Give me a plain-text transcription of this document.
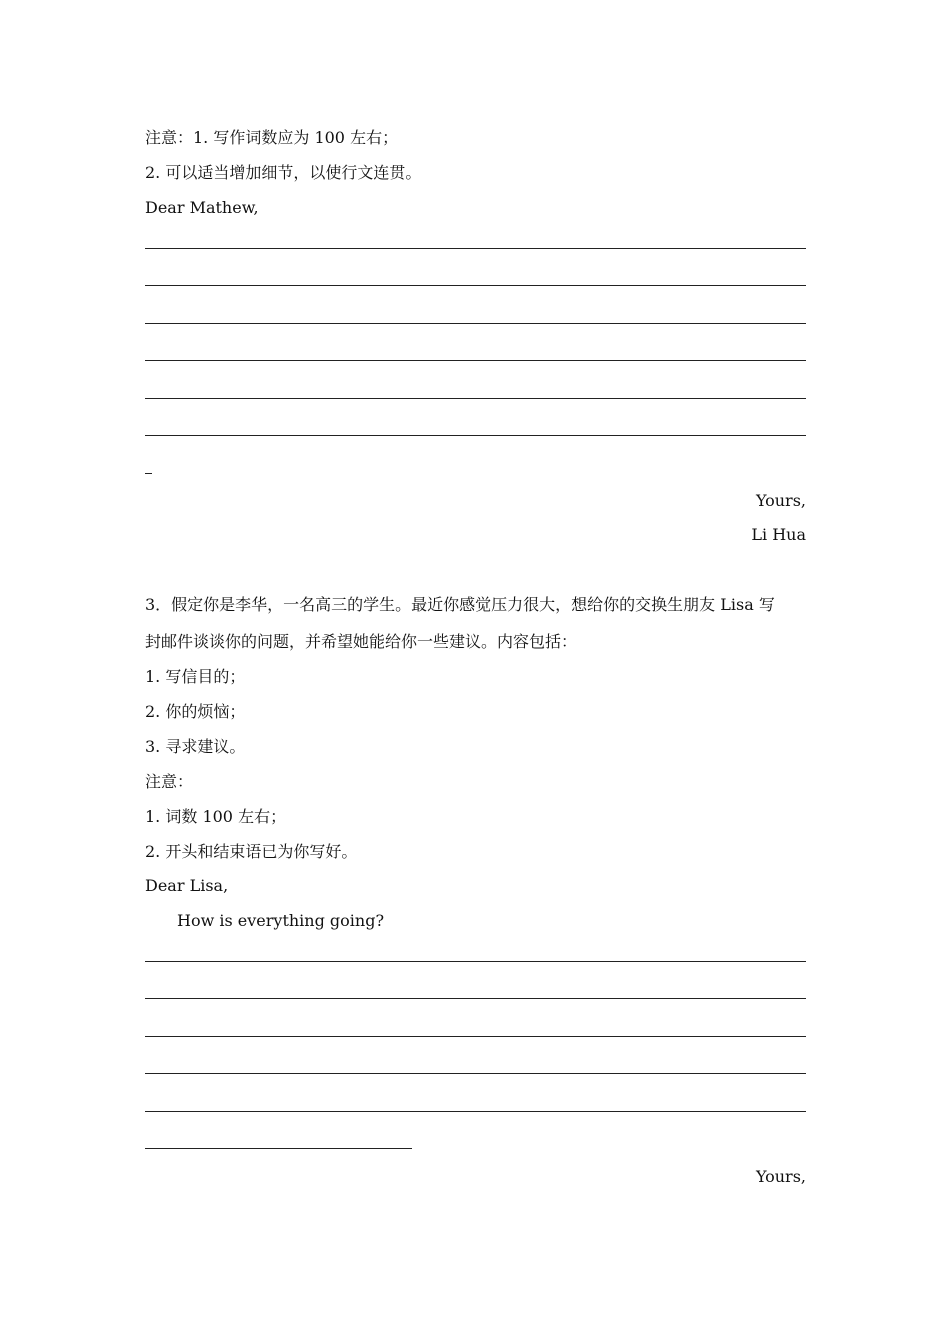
注意：1. 写作词数应为 100 左右；
2. 可以适当增加细节，以使行文连贯。
Dear Mathew,
Yours,
Li Hua
3．假定你是李华，一名高三的学生。最近你感觉压力很大，想给你的交换生朋友 Lisa 写
封邮件谈谈你的问题，并希望她能给你一些建议。内容包括：
1. 写信目的；
2. 你的烦恼；
3. 寻求建议。
注意：
1. 词数 100 左右；
2. 开头和结束语已为你写好。
Dear Lisa,
How is everything going?
Yours,
